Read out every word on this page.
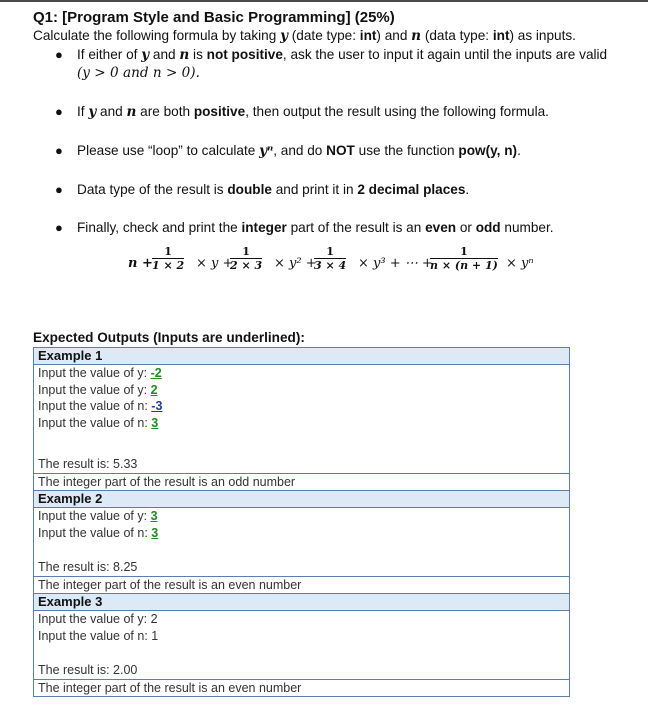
Q1: [Program Style and Basic Programming] (25%)

Calculate the following formula by taking y (date type: int) and n (data type: int) as inputs.

● If either of y and n is not positive, ask the user to input it again until the inputs are valid
(y > 0 and n > 0).
● If y and n are both positive, then output the result using the following formula.
● Please use “loop” to calculate yⁿ, and do NOT use the function pow(y, n).
● Data type of the result is double and print it in 2 decimal places.
● Finally, check and print the integer part of the result is an even or odd number.
$n + \frac{1}{1 \times 2} \times y$ +
$\frac{1}{2 \times 3} \times y^2$ +
$\frac{1}{3 \times 4} \times y^3$ + ⋯ +
$\frac{1}{n \times (n + 1)} \times y^n$
Expected Outputs (Inputs are underlined):
Example 1
Input the value of y: -2
Input the value of y: 2
Input the value of n: -3
Input the value of n: 3
The result is: 5.33
The integer part of the result is an odd number
Example 2
Input the value of y: 3
Input the value of n: 3
The result is: 8.25
The integer part of the result is an even number
Example 3
Input the value of y: 2
Input the value of n: 1
The result is: 2.00
The integer part of the result is an even number
